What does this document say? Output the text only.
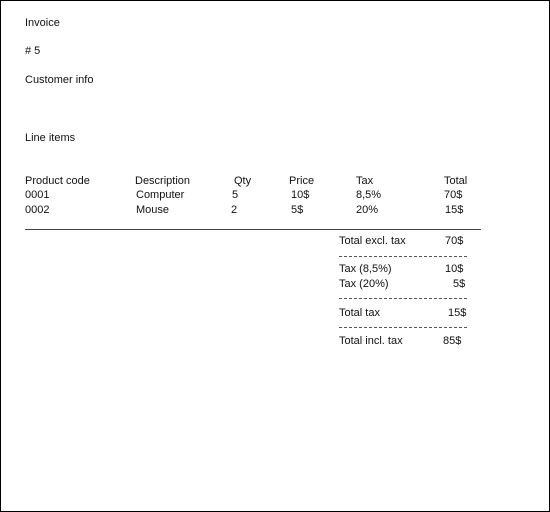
Invoice
# 5
Customer info
Line items
Product code	Description	Qty	Price	Tax	Total
0001	Computer	5	10$	8,5%	70$
0002	Mouse	2	5$	20%	15$
Total excl. tax	70$
Tax (8,5%)	10$
Tax (20%)	5$
Total tax	15$
Total incl. tax	85$
